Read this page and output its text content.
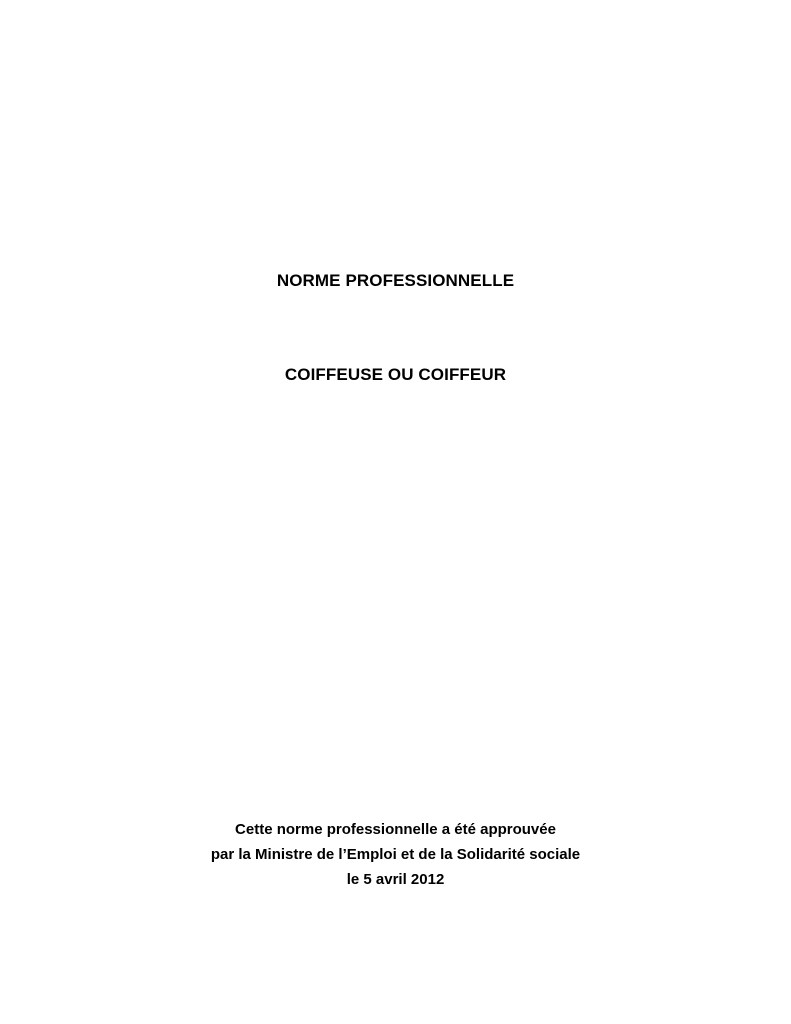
NORME PROFESSIONNELLE
COIFFEUSE OU COIFFEUR
Cette norme professionnelle a été approuvée
par la Ministre de l’Emploi et de la Solidarité sociale
le 5 avril 2012
